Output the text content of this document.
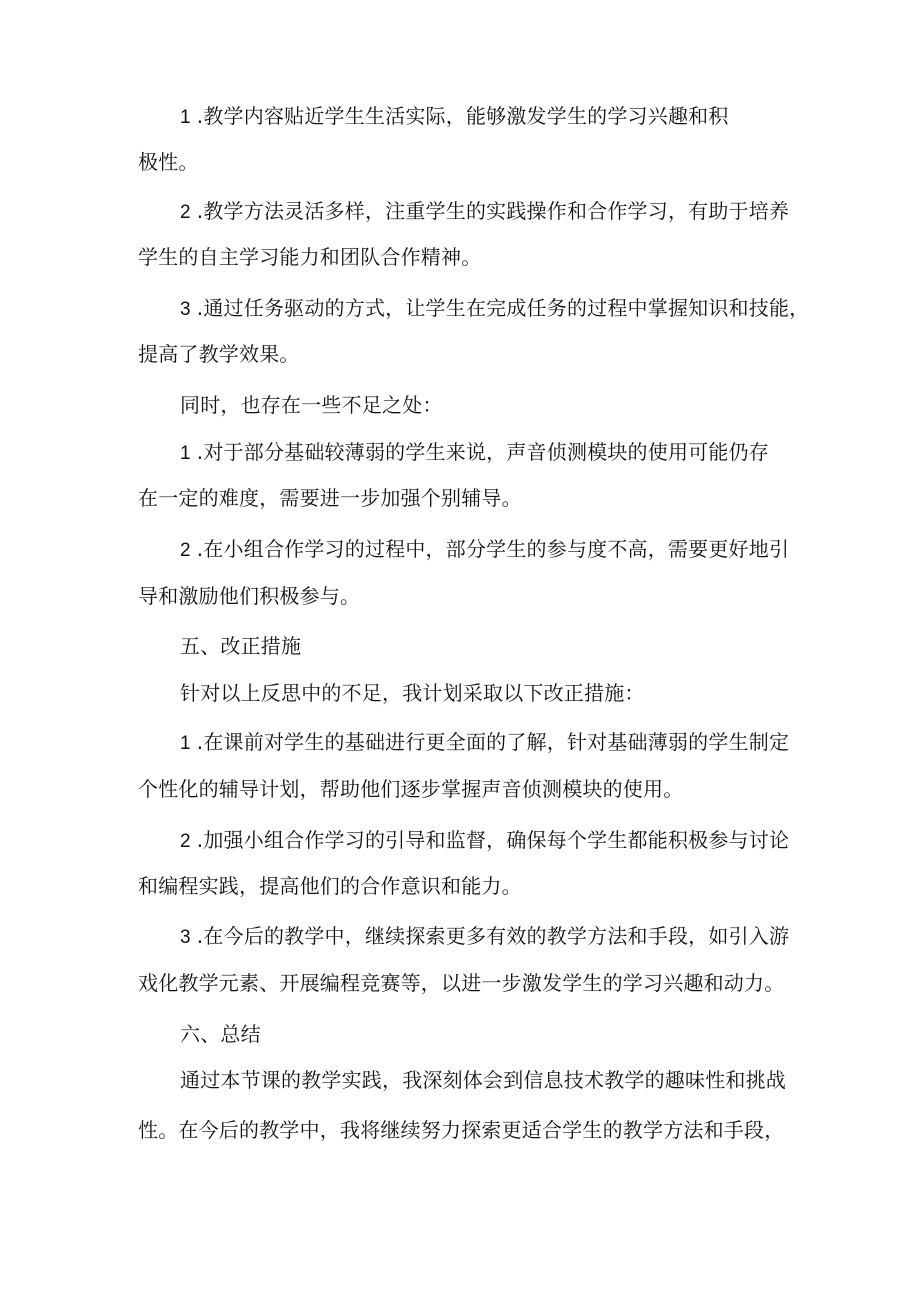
1 .教学内容贴近学生生活实际，能够激发学生的学习兴趣和积
极性。
2 .教学方法灵活多样，注重学生的实践操作和合作学习，有助于培养
学生的自主学习能力和团队合作精神。
3 .通过任务驱动的方式，让学生在完成任务的过程中掌握知识和技能，
提高了教学效果。
同时，也存在一些不足之处：
1 .对于部分基础较薄弱的学生来说，声音侦测模块的使用可能仍存
在一定的难度，需要进一步加强个别辅导。
2 .在小组合作学习的过程中，部分学生的参与度不高，需要更好地引
导和激励他们积极参与。
五、改正措施
针对以上反思中的不足，我计划采取以下改正措施：
1 .在课前对学生的基础进行更全面的了解，针对基础薄弱的学生制定
个性化的辅导计划，帮助他们逐步掌握声音侦测模块的使用。
2 .加强小组合作学习的引导和监督，确保每个学生都能积极参与讨论
和编程实践，提高他们的合作意识和能力。
3 .在今后的教学中，继续探索更多有效的教学方法和手段，如引入游
戏化教学元素、开展编程竞赛等，以进一步激发学生的学习兴趣和动力。
六、总结
通过本节课的教学实践，我深刻体会到信息技术教学的趣味性和挑战
性。在今后的教学中，我将继续努力探索更适合学生的教学方法和手段，
